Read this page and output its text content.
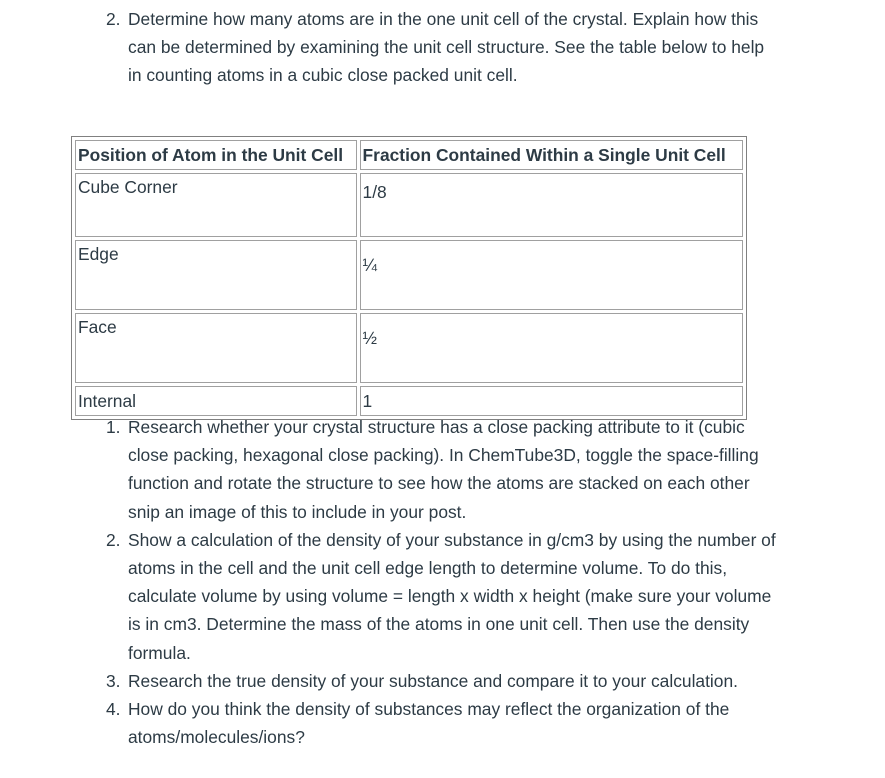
2. Determine how many atoms are in the one unit cell of the crystal. Explain how this can be determined by examining the unit cell structure. See the table below to help in counting atoms in a cubic close packed unit cell.
Position of Atom in the Unit Cell	Fraction Contained Within a Single Unit Cell
Cube Corner	1/8
Edge	¼
Face	½
Internal	1
1. Research whether your crystal structure has a close packing attribute to it (cubic close packing, hexagonal close packing). In ChemTube3D, toggle the space-filling function and rotate the structure to see how the atoms are stacked on each other snip an image of this to include in your post.
2. Show a calculation of the density of your substance in g/cm3 by using the number of atoms in the cell and the unit cell edge length to determine volume. To do this, calculate volume by using volume = length x width x height (make sure your volume is in cm3. Determine the mass of the atoms in one unit cell. Then use the density formula.
3. Research the true density of your substance and compare it to your calculation.
4. How do you think the density of substances may reflect the organization of the atoms/molecules/ions?
